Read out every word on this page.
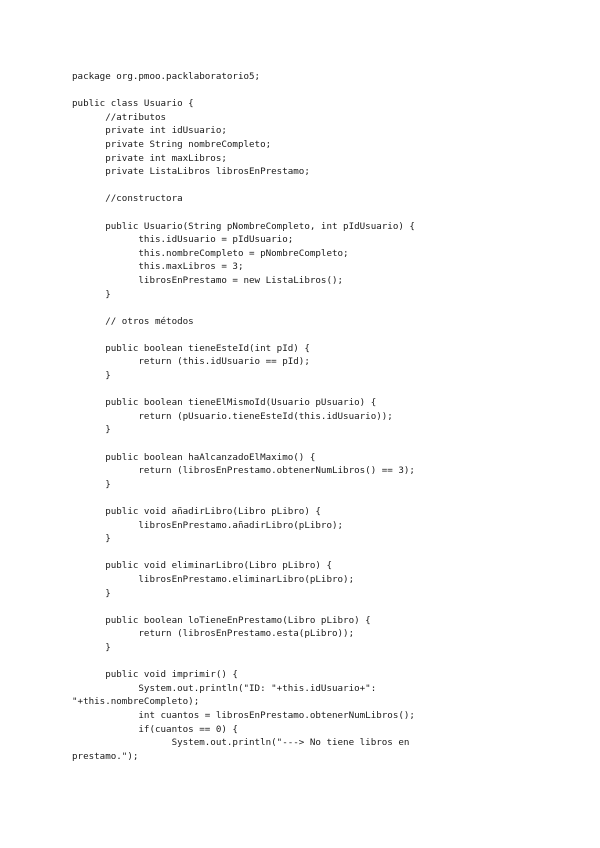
package org.pmoo.packlaboratorio5;
public class Usuario {
//atributos
private int idUsuario;
private String nombreCompleto;
private int maxLibros;
private ListaLibros librosEnPrestamo;
//constructora
public Usuario(String pNombreCompleto, int pIdUsuario) {
this.idUsuario = pIdUsuario;
this.nombreCompleto = pNombreCompleto;
this.maxLibros = 3;
librosEnPrestamo = new ListaLibros();
}
// otros métodos
public boolean tieneEsteId(int pId) {
return (this.idUsuario == pId);
}
public boolean tieneElMismoId(Usuario pUsuario) {
return (pUsuario.tieneEsteId(this.idUsuario));
}
public boolean haAlcanzadoElMaximo() {
return (librosEnPrestamo.obtenerNumLibros() == 3);
}
public void añadirLibro(Libro pLibro) {
librosEnPrestamo.añadirLibro(pLibro);
}
public void eliminarLibro(Libro pLibro) {
librosEnPrestamo.eliminarLibro(pLibro);
}
public boolean loTieneEnPrestamo(Libro pLibro) {
return (librosEnPrestamo.esta(pLibro));
}
public void imprimir() {
System.out.println("ID: "+this.idUsuario+":
"+this.nombreCompleto);
int cuantos = librosEnPrestamo.obtenerNumLibros();
if(cuantos == 0) {
System.out.println("---> No tiene libros en
prestamo.");
